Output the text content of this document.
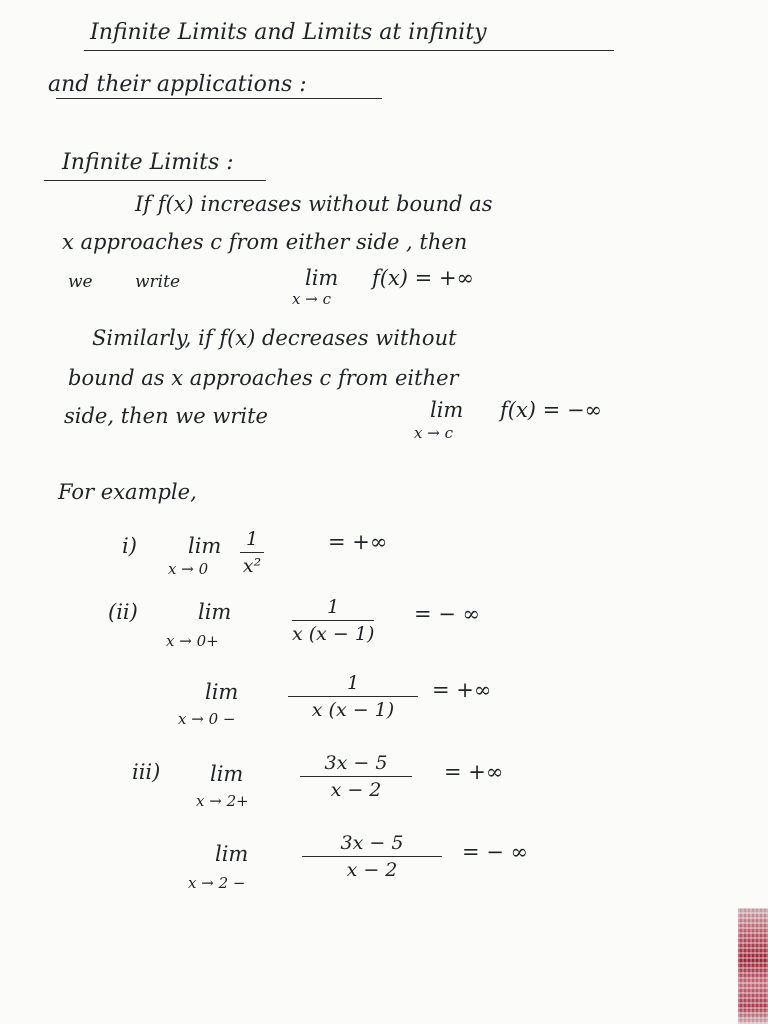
Infinite Limits and Limits at infinity
and their applications :
Infinite Limits :
If f(x) increases without bound as
x approaches c from either side , then
we write	lim
x → c
f(x) = +∞
Similarly, if f(x) decreases without
bound as x approaches c from either
side, then we write	lim
x → c
f(x) = −∞
For example,
i) lim
x → 0
1
x²
= +∞
(ii)	lim
x → 0+
1
x (x − 1)
= − ∞
lim
x → 0 −
1
x (x − 1)
= +∞
iii) lim
x → 2+
3x − 5
x − 2
= +∞
lim
x → 2 −
3x − 5
x − 2
= − ∞
